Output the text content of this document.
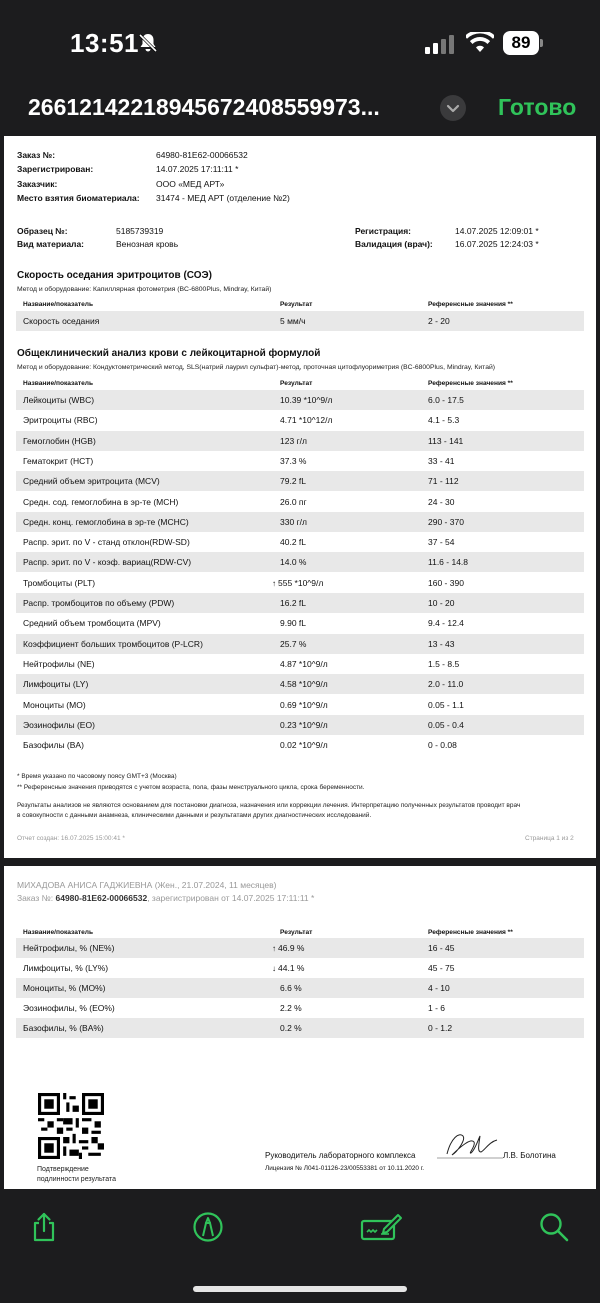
13:51	89
26612142218945672408559973...	Готово
Заказ №:	64980-81E62-00066532
Зарегистрирован:	14.07.2025 17:11:11 *
Заказчик:	ООО «МЕД АРТ»
Место взятия биоматериала: 31474 - МЕД АРТ (отделение №2)
Образец №:	5185739319
Вид материала:	Венозная кровь
Регистрация:	14.07.2025 12:09:01 *
Валидация (врач):	16.07.2025 12:24:03 *
Скорость оседания эритроцитов (СОЭ)
Метод и оборудование: Капиллярная фотометрия (BC-6800Plus, Mindray, Китай)
Название/показатель	Результат	Референсные значения **
Скорость оседания	5 мм/ч	2 - 20
Общеклинический анализ крови с лейкоцитарной формулой
Метод и оборудование: Кондуктометрический метод, SLS(натрий лаурил сульфат)-метод, проточная цитофлуориметрия (BC-6800Plus, Mindray, Китай)
Название/показатель	Результат	Референсные значения **
Лейкоциты (WBC)	10.39 *10^9/л	6.0 - 17.5
Эритроциты (RBC)	4.71 *10^12/л	4.1 - 5.3
Гемоглобин (HGB)	123 г/л	113 - 141
Гематокрит (HCT)	37.3 %	33 - 41
Средний объем эритроцита (MCV)	79.2 fL	71 - 112
Средн. сод. гемоглобина в эр-те (MCH)	26.0 пг	24 - 30
Средн. конц. гемоглобина в эр-те (MCHC)	330 г/л	290 - 370
Распр. эрит. по V - станд отклон(RDW-SD)	40.2 fL	37 - 54
Распр. эрит. по V - коэф. вариац(RDW-CV)	14.0 %	11.6 - 14.8
Тромбоциты (PLT)	↑ 555 *10^9/л	160 - 390
Распр. тромбоцитов по объему (PDW)	16.2 fL	10 - 20
Средний объем тромбоцита (MPV)	9.90 fL	9.4 - 12.4
Коэффициент больших тромбоцитов (P-LCR)	25.7 %	13 - 43
Нейтрофилы (NE)	4.87 *10^9/л	1.5 - 8.5
Лимфоциты (LY)	4.58 *10^9/л	2.0 - 11.0
Моноциты (MO)	0.69 *10^9/л	0.05 - 1.1
Эозинофилы (EO)	0.23 *10^9/л	0.05 - 0.4
Базофилы (BA)	0.02 *10^9/л	0 - 0.08
* Время указано по часовому поясу GMT+3 (Москва)
** Референсные значения приводятся с учетом возраста, пола, фазы менструального цикла, срока беременности.
Результаты анализов не являются основанием для постановки диагноза, назначения или коррекции лечения. Интерпретацию полученных результатов проводит врач
в совокупности с данными анамнеза, клиническими данными и результатами других диагностических исследований.
Отчет создан: 16.07.2025 15:00:41 *	Страница 1 из 2
МИХАДОВА АНИСА ГАДЖИЕВНА (Жен., 21.07.2024, 11 месяцев)
Заказ №: 64980-81E62-00066532, зарегистрирован от 14.07.2025 17:11:11 *
Название/показатель	Результат	Референсные значения **
Нейтрофилы, % (NE%)	↑ 46.9 %	16 - 45
Лимфоциты, % (LY%)	↓ 44.1 %	45 - 75
Моноциты, % (MO%)	6.6 %	4 - 10
Эозинофилы, % (EO%)	2.2 %	1 - 6
Базофилы, % (BA%)	0.2 %	0 - 1.2
Подтверждение
подлинности результата
Руководитель лабораторного комплекса	Л.В. Болотина
Лицензия № Л041-01126-23/00553381 от 10.11.2020 г.
